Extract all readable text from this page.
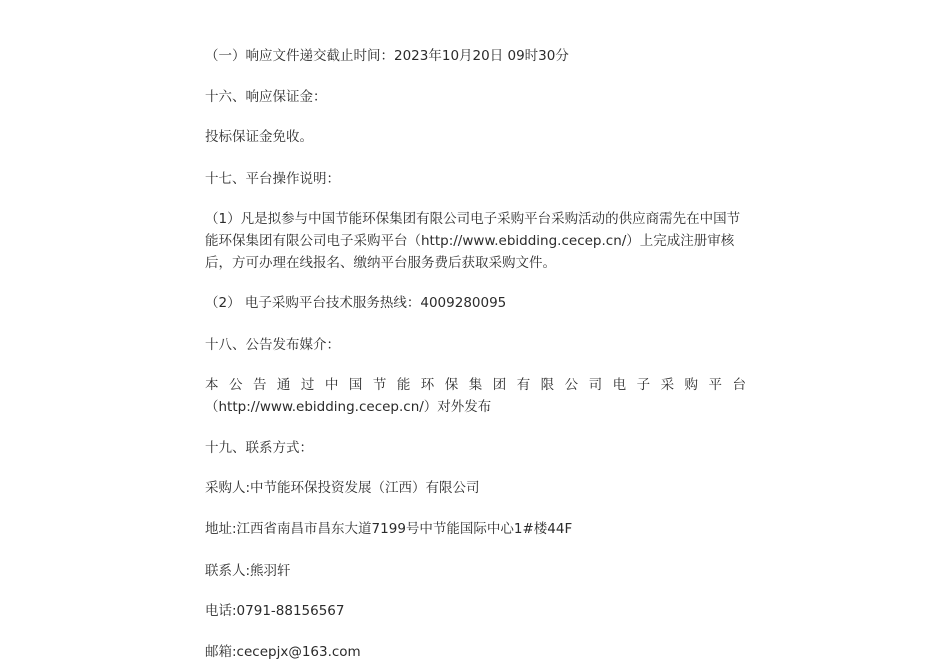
（一）响应文件递交截止时间：2023年10月20日 09时30分

十六、响应保证金：

投标保证金免收。

十七、平台操作说明：

（1）凡是拟参与中国节能环保集团有限公司电子采购平台采购活动的供应商需先在中国节能环保集团有限公司电子采购平台（http://www.ebidding.cecep.cn/）上完成注册审核后，方可办理在线报名、缴纳平台服务费后获取采购文件。

（2） 电子采购平台技术服务热线：4009280095

十八、公告发布媒介：

本公告通过中国节能环保集团有限公司电子采购平台

（http://www.ebidding.cecep.cn/）对外发布

十九、联系方式：

采购人:中节能环保投资发展（江西）有限公司

地址:江西省南昌市昌东大道7199号中节能国际中心1#楼44F

联系人:熊羽轩

电话:0791-88156567

邮箱:cecepjx@163.com
